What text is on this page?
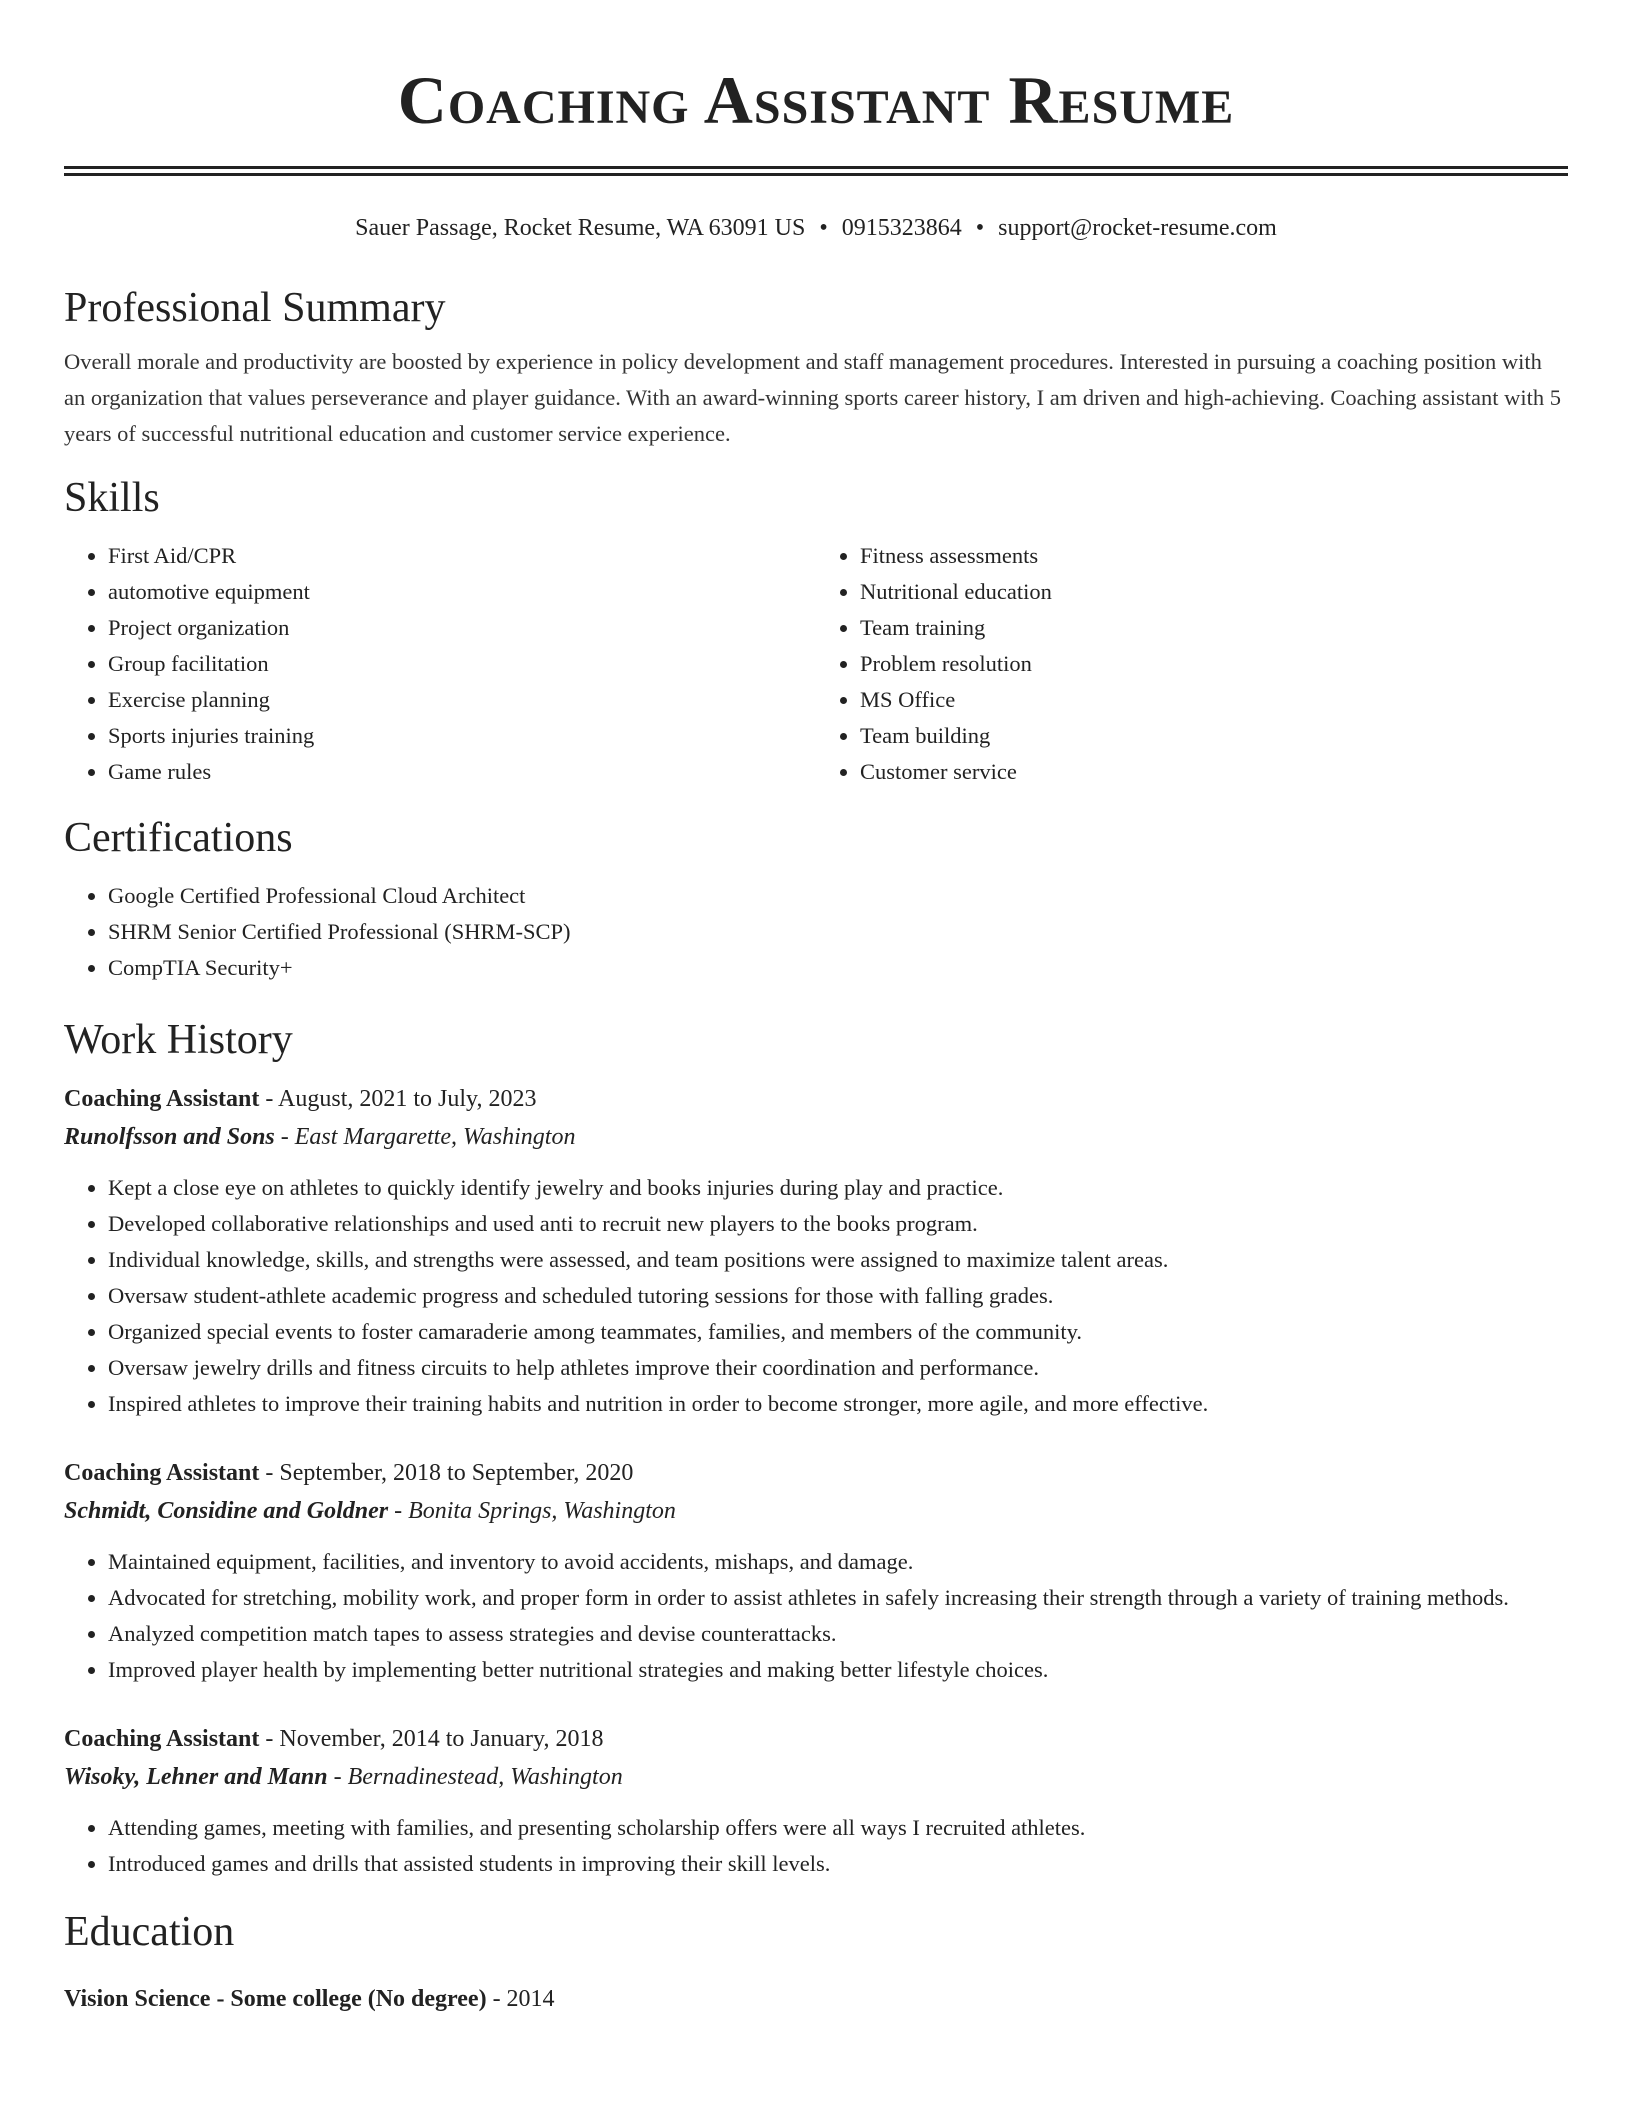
Coaching Assistant Resume
Sauer Passage, Rocket Resume, WA 63091 US • 0915323864 • support@rocket-resume.com
Professional Summary
Overall morale and productivity are boosted by experience in policy development and staff management procedures. Interested in pursuing a coaching position with an organization that values perseverance and player guidance. With an award-winning sports career history, I am driven and high-achieving. Coaching assistant with 5 years of successful nutritional education and customer service experience.
Skills
• First Aid/CPR
• automotive equipment
• Project organization
• Group facilitation
• Exercise planning
• Sports injuries training
• Game rules
• Fitness assessments
• Nutritional education
• Team training
• Problem resolution
• MS Office
• Team building
• Customer service
Certifications
• Google Certified Professional Cloud Architect
• SHRM Senior Certified Professional (SHRM-SCP)
• CompTIA Security+
Work History
Coaching Assistant - August, 2021 to July, 2023
Runolfsson and Sons - East Margarette, Washington
• Kept a close eye on athletes to quickly identify jewelry and books injuries during play and practice.
• Developed collaborative relationships and used anti to recruit new players to the books program.
• Individual knowledge, skills, and strengths were assessed, and team positions were assigned to maximize talent areas.
• Oversaw student-athlete academic progress and scheduled tutoring sessions for those with falling grades.
• Organized special events to foster camaraderie among teammates, families, and members of the community.
• Oversaw jewelry drills and fitness circuits to help athletes improve their coordination and performance.
• Inspired athletes to improve their training habits and nutrition in order to become stronger, more agile, and more effective.
Coaching Assistant - September, 2018 to September, 2020
Schmidt, Considine and Goldner - Bonita Springs, Washington
• Maintained equipment, facilities, and inventory to avoid accidents, mishaps, and damage.
• Advocated for stretching, mobility work, and proper form in order to assist athletes in safely increasing their strength through a variety of training methods.
• Analyzed competition match tapes to assess strategies and devise counterattacks.
• Improved player health by implementing better nutritional strategies and making better lifestyle choices.
Coaching Assistant - November, 2014 to January, 2018
Wisoky, Lehner and Mann - Bernadinestead, Washington
• Attending games, meeting with families, and presenting scholarship offers were all ways I recruited athletes.
• Introduced games and drills that assisted students in improving their skill levels.
Education
Vision Science - Some college (No degree) - 2014
